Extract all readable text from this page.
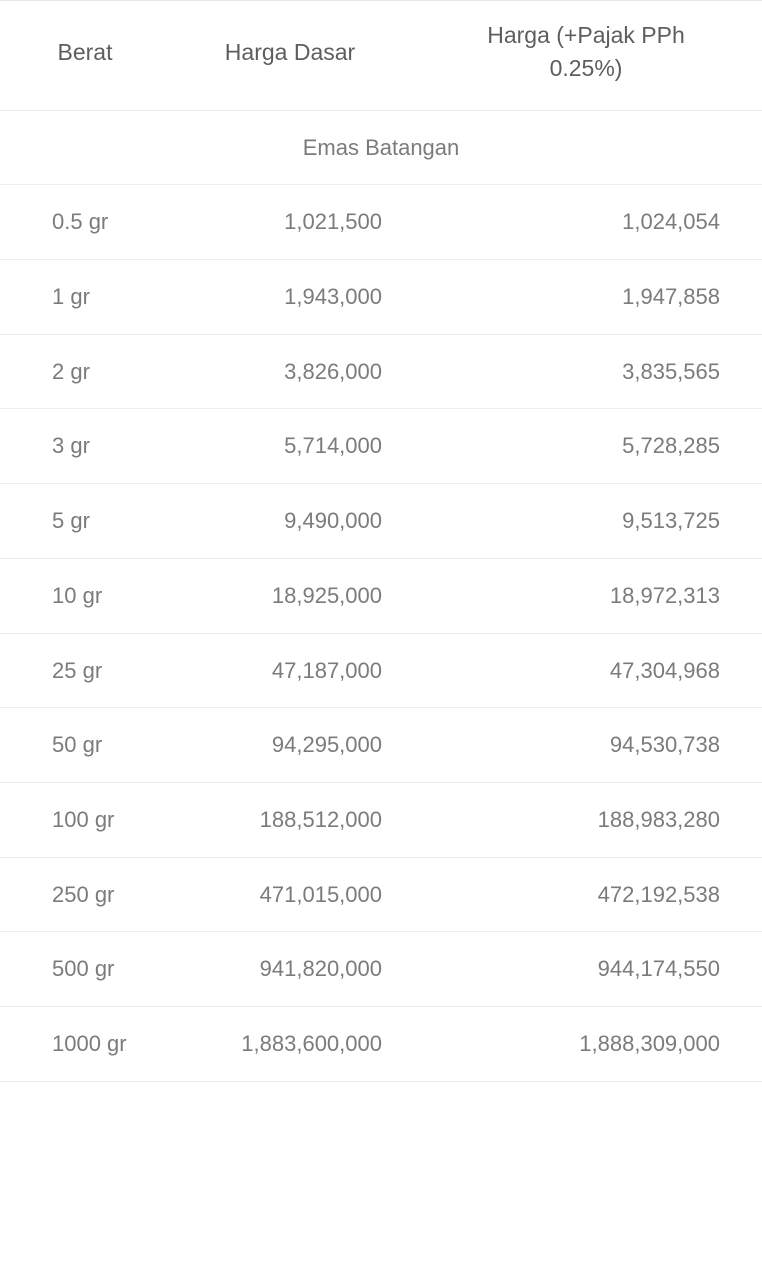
Berat	Harga Dasar	Harga (+Pajak PPh 0.25%)
Emas Batangan		
0.5 gr	1,021,500	1,024,054
1 gr	1,943,000	1,947,858
2 gr	3,826,000	3,835,565
3 gr	5,714,000	5,728,285
5 gr	9,490,000	9,513,725
10 gr	18,925,000	18,972,313
25 gr	47,187,000	47,304,968
50 gr	94,295,000	94,530,738
100 gr	188,512,000	188,983,280
250 gr	471,015,000	472,192,538
500 gr	941,820,000	944,174,550
1000 gr	1,883,600,000	1,888,309,000
